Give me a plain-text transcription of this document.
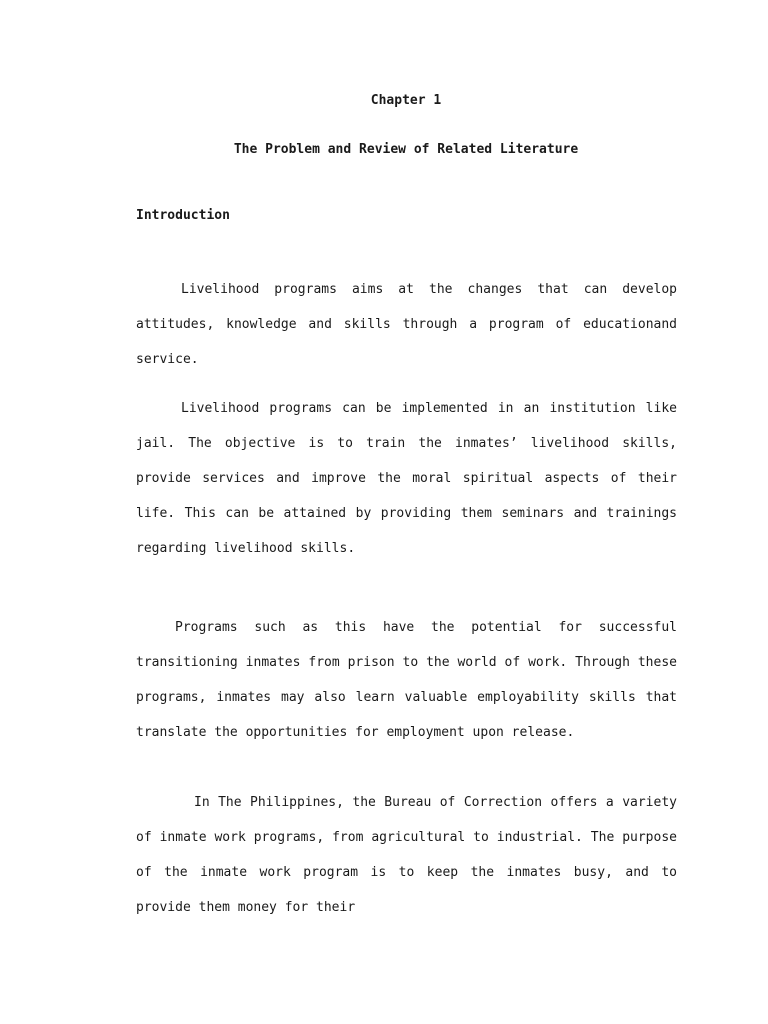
Chapter 1
The Problem and Review of Related Literature
Introduction

Livelihood programs aims at the changes that can develop attitudes, knowledge and skills through a program of educationand service.

Livelihood programs can be implemented in an institution like jail. The objective is to train the inmates’ livelihood skills, provide services and improve the moral spiritual aspects of their life. This can be attained by providing them seminars and trainings regarding livelihood skills.

Programs such as this have the potential for successful transitioning inmates from prison to the world of work. Through these programs, inmates may also learn valuable employability skills that translate the opportunities for employment upon release.

In The Philippines, the Bureau of Correction offers a variety of inmate work programs, from agricultural to industrial. The purpose of the inmate work program is to keep the inmates busy, and to provide them money for their
